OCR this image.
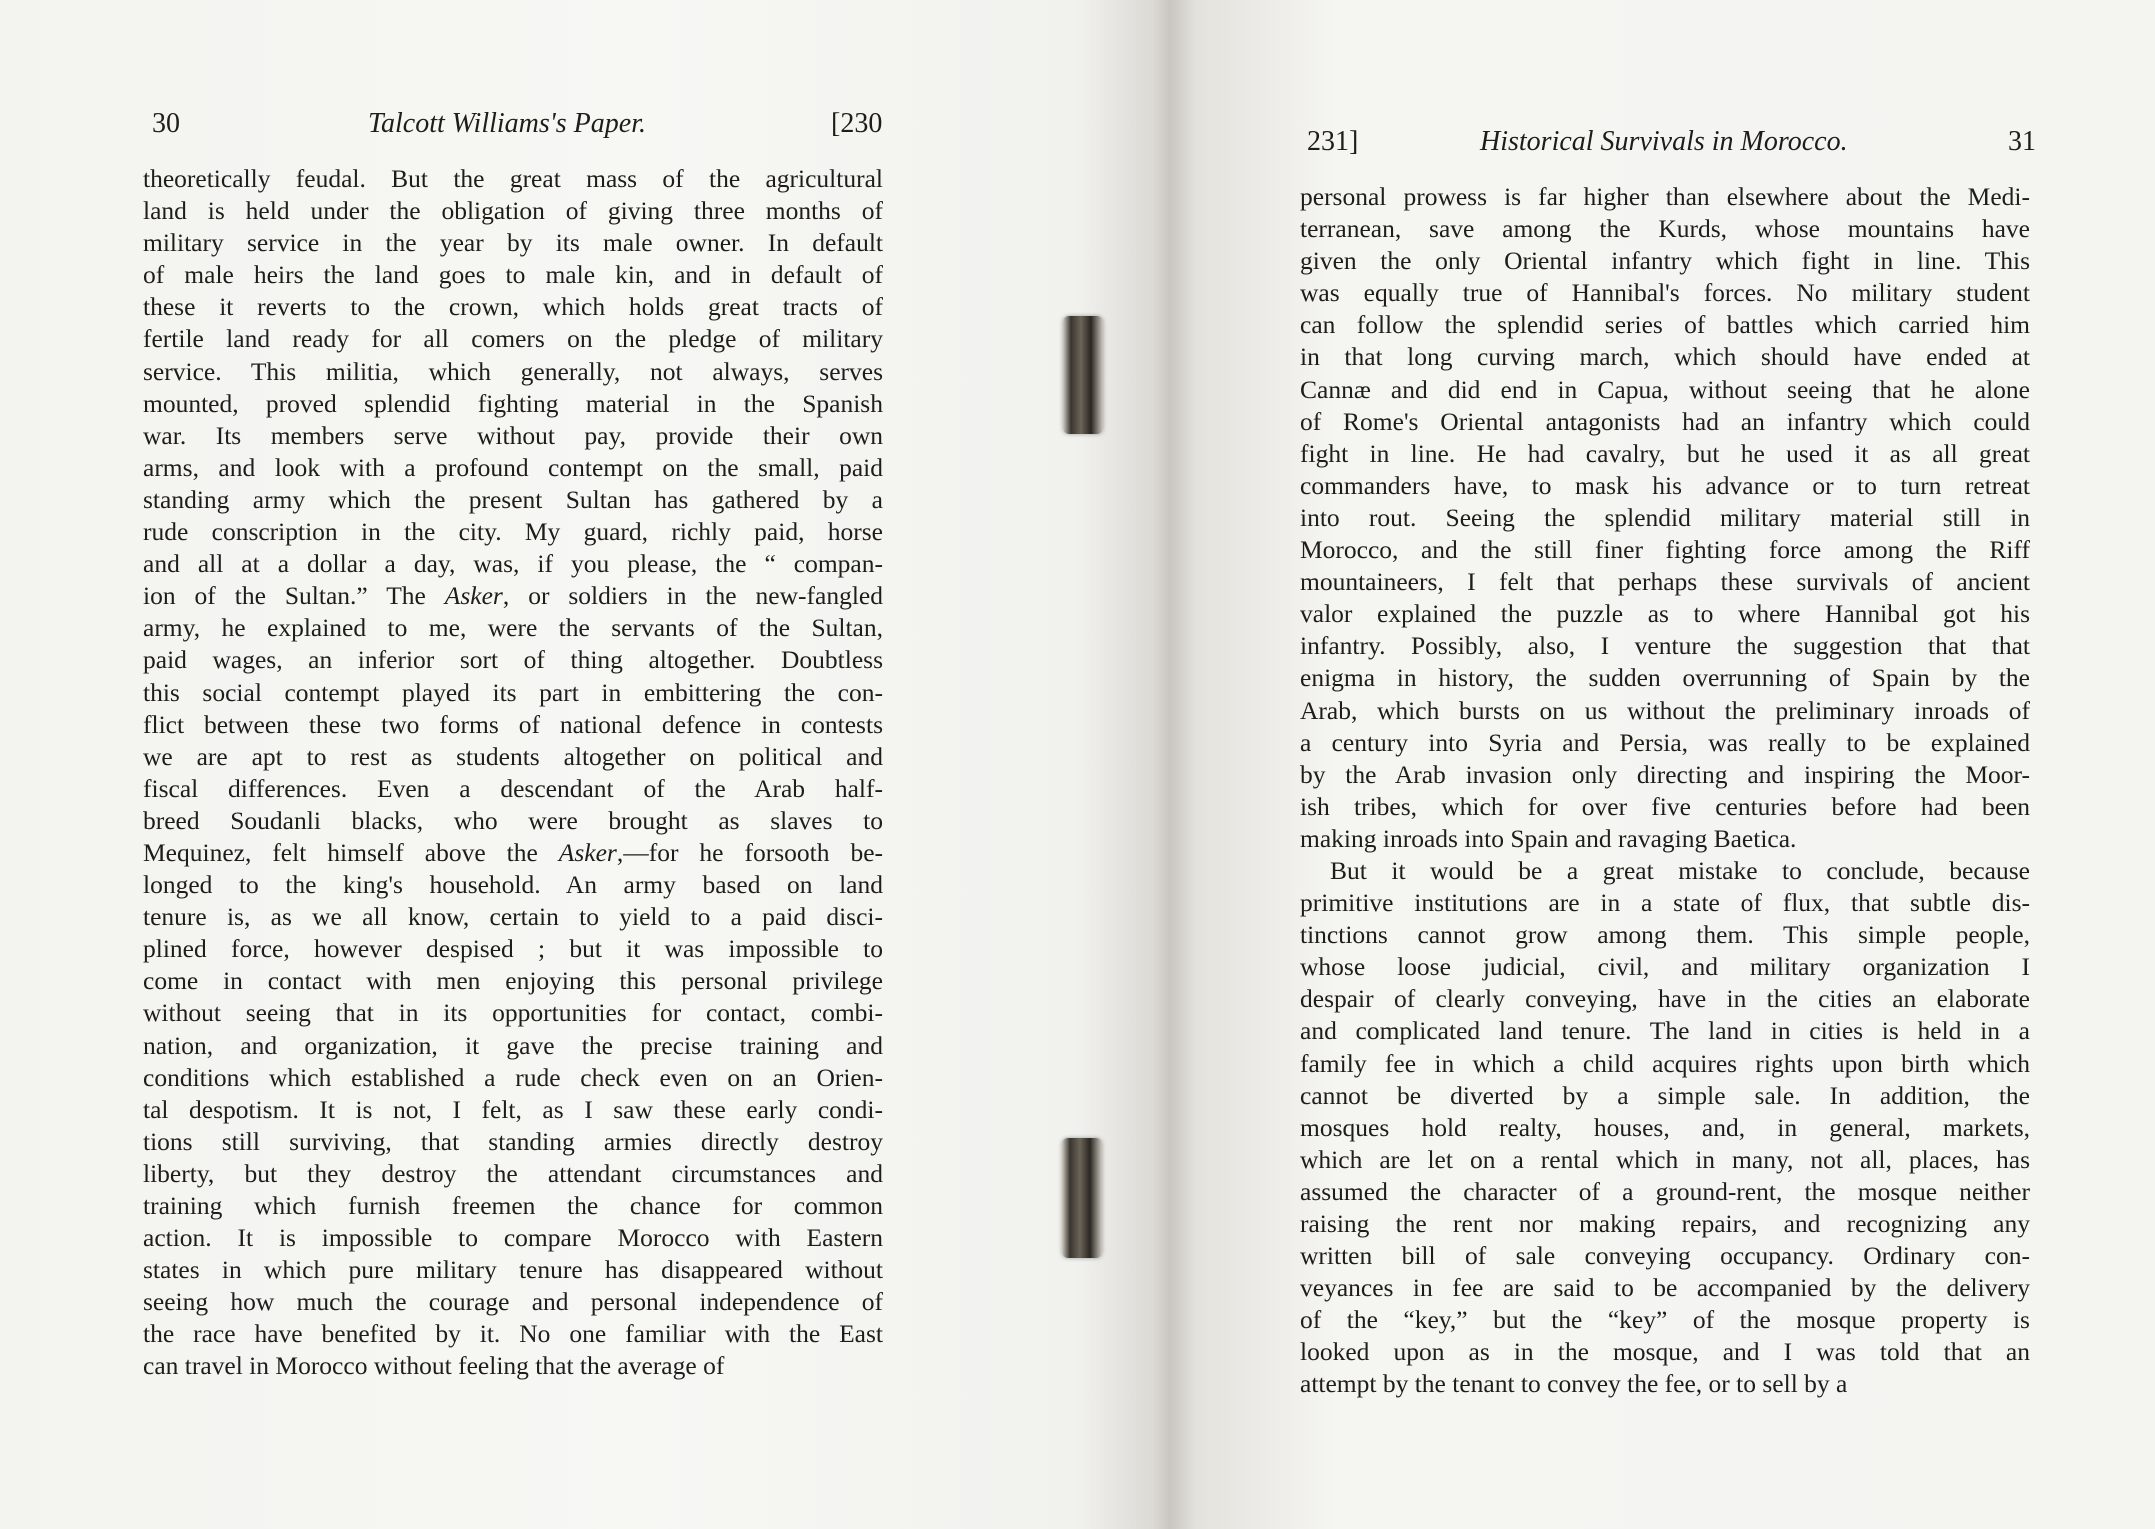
30	Talcott Williams's Paper.	[230
theoretically feudal. But the great mass of the agricultural
land is held under the obligation of giving three months of
military service in the year by its male owner. In default
of male heirs the land goes to male kin, and in default of
these it reverts to the crown, which holds great tracts of
fertile land ready for all comers on the pledge of military
service. This militia, which generally, not always, serves
mounted, proved splendid fighting material in the Spanish
war. Its members serve without pay, provide their own
arms, and look with a profound contempt on the small, paid
standing army which the present Sultan has gathered by a
rude conscription in the city. My guard, richly paid, horse
and all at a dollar a day, was, if you please, the “ compan-
ion of the Sultan.” The Asker, or soldiers in the new-fangled
army, he explained to me, were the servants of the Sultan,
paid wages, an inferior sort of thing altogether. Doubtless
this social contempt played its part in embittering the con-
flict between these two forms of national defence in contests
we are apt to rest as students altogether on political and
fiscal differences. Even a descendant of the Arab half-
breed Soudanli blacks, who were brought as slaves to
Mequinez, felt himself above the Asker,—for he forsooth be-
longed to the king's household. An army based on land
tenure is, as we all know, certain to yield to a paid disci-
plined force, however despised ; but it was impossible to
come in contact with men enjoying this personal privilege
without seeing that in its opportunities for contact, combi-
nation, and organization, it gave the precise training and
conditions which established a rude check even on an Orien-
tal despotism. It is not, I felt, as I saw these early condi-
tions still surviving, that standing armies directly destroy
liberty, but they destroy the attendant circumstances and
training which furnish freemen the chance for common
action. It is impossible to compare Morocco with Eastern
states in which pure military tenure has disappeared without
seeing how much the courage and personal independence of
the race have benefited by it. No one familiar with the East
can travel in Morocco without feeling that the average of
231]	Historical Survivals in Morocco.	31
personal prowess is far higher than elsewhere about the Medi-
terranean, save among the Kurds, whose mountains have
given the only Oriental infantry which fight in line. This
was equally true of Hannibal's forces. No military student
can follow the splendid series of battles which carried him
in that long curving march, which should have ended at
Cannæ and did end in Capua, without seeing that he alone
of Rome's Oriental antagonists had an infantry which could
fight in line. He had cavalry, but he used it as all great
commanders have, to mask his advance or to turn retreat
into rout. Seeing the splendid military material still in
Morocco, and the still finer fighting force among the Riff
mountaineers, I felt that perhaps these survivals of ancient
valor explained the puzzle as to where Hannibal got his
infantry. Possibly, also, I venture the suggestion that that
enigma in history, the sudden overrunning of Spain by the
Arab, which bursts on us without the preliminary inroads of
a century into Syria and Persia, was really to be explained
by the Arab invasion only directing and inspiring the Moor-
ish tribes, which for over five centuries before had been
making inroads into Spain and ravaging Baetica.
But it would be a great mistake to conclude, because
primitive institutions are in a state of flux, that subtle dis-
tinctions cannot grow among them. This simple people,
whose loose judicial, civil, and military organization I
despair of clearly conveying, have in the cities an elaborate
and complicated land tenure. The land in cities is held in a
family fee in which a child acquires rights upon birth which
cannot be diverted by a simple sale. In addition, the
mosques hold realty, houses, and, in general, markets,
which are let on a rental which in many, not all, places, has
assumed the character of a ground-rent, the mosque neither
raising the rent nor making repairs, and recognizing any
written bill of sale conveying occupancy. Ordinary con-
veyances in fee are said to be accompanied by the delivery
of the “key,” but the “key” of the mosque property is
looked upon as in the mosque, and I was told that an
attempt by the tenant to convey the fee, or to sell by a
